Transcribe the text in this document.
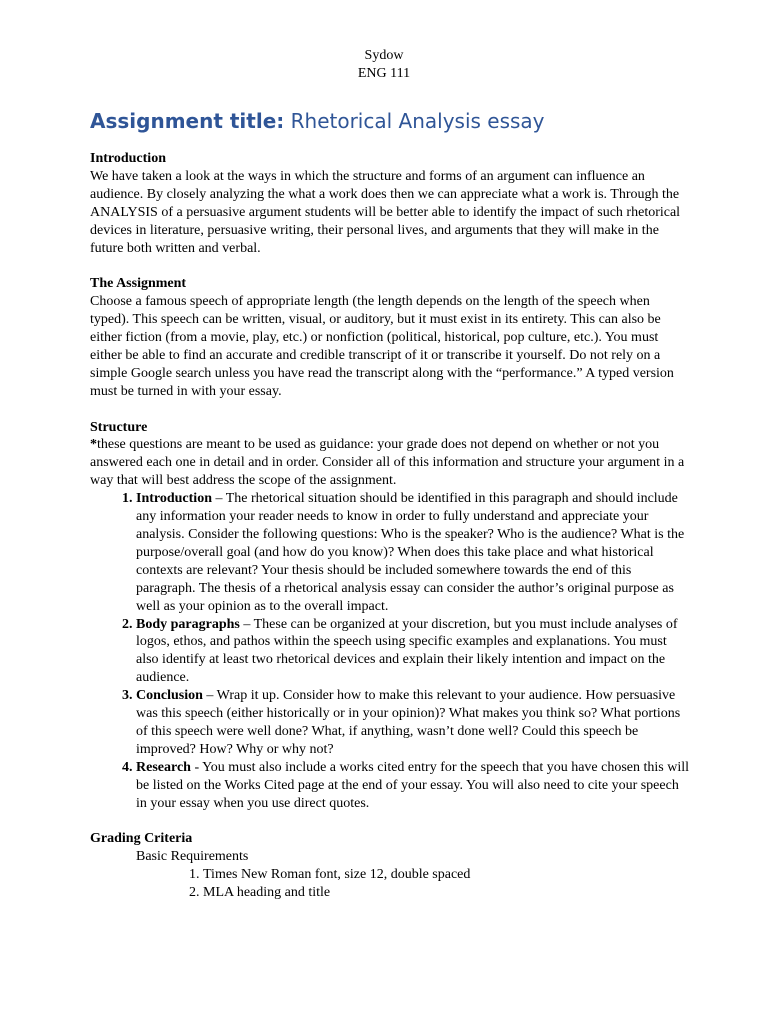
Sydow
ENG 111
Assignment title: Rhetorical Analysis essay

Introduction

We have taken a look at the ways in which the structure and forms of an argument can influence an audience. By closely analyzing the what a work does then we can appreciate what a work is. Through the ANALYSIS of a persuasive argument students will be better able to identify the impact of such rhetorical devices in literature, persuasive writing, their personal lives, and arguments that they will make in the future both written and verbal.

The Assignment

Choose a famous speech of appropriate length (the length depends on the length of the speech when typed). This speech can be written, visual, or auditory, but it must exist in its entirety. This can also be either fiction (from a movie, play, etc.) or nonfiction (political, historical, pop culture, etc.). You must either be able to find an accurate and credible transcript of it or transcribe it yourself. Do not rely on a simple Google search unless you have read the transcript along with the “performance.” A typed version must be turned in with your essay.

Structure

*these questions are meant to be used as guidance: your grade does not depend on whether or not you answered each one in detail and in order. Consider all of this information and structure your argument in a way that will best address the scope of the assignment.

1. Introduction – The rhetorical situation should be identified in this paragraph and should include any information your reader needs to know in order to fully understand and appreciate your analysis. Consider the following questions: Who is the speaker? Who is the audience? What is the purpose/overall goal (and how do you know)? When does this take place and what historical contexts are relevant? Your thesis should be included somewhere towards the end of this paragraph. The thesis of a rhetorical analysis essay can consider the author’s original purpose as well as your opinion as to the overall impact.
2. Body paragraphs – These can be organized at your discretion, but you must include analyses of logos, ethos, and pathos within the speech using specific examples and explanations. You must also identify at least two rhetorical devices and explain their likely intention and impact on the audience.
3. Conclusion – Wrap it up. Consider how to make this relevant to your audience. How persuasive was this speech (either historically or in your opinion)? What makes you think so? What portions of this speech were well done? What, if anything, wasn’t done well? Could this speech be improved? How? Why or why not?
4. Research - You must also include a works cited entry for the speech that you have chosen this will be listed on the Works Cited page at the end of your essay. You will also need to cite your speech in your essay when you use direct quotes.

Grading Criteria

Basic Requirements

1. Times New Roman font, size 12, double spaced
2. MLA heading and title
